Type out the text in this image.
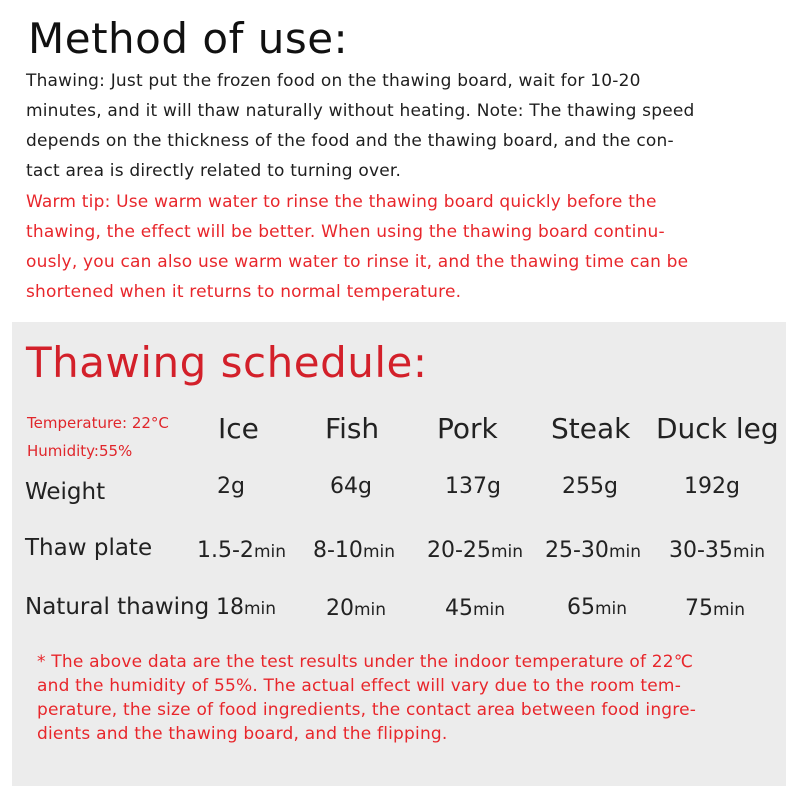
Method of use:
Thawing: Just put the frozen food on the thawing board, wait for 10-20
minutes, and it will thaw naturally without heating. Note: The thawing speed
depends on the thickness of the food and the thawing board, and the con-
tact area is directly related to turning over.
Warm tip: Use warm water to rinse the thawing board quickly before the
thawing, the effect will be better. When using the thawing board continu-
ously, you can also use warm water to rinse it, and the thawing time can be
shortened when it returns to normal temperature.
Thawing schedule:
Temperature: 22°C
Humidity:55%
Ice Fish Pork Steak Duck leg
Weight	2g	64g	137g	255g	192g
Thaw plate 1.5-2min 8-10min 20-25min 25-30min 30-35min
Natural thawing 18min 20min	45min	65min	75min
* The above data are the test results under the indoor temperature of 22℃
and the humidity of 55%. The actual effect will vary due to the room tem-
perature, the size of food ingredients, the contact area between food ingre-
dients and the thawing board, and the flipping.
